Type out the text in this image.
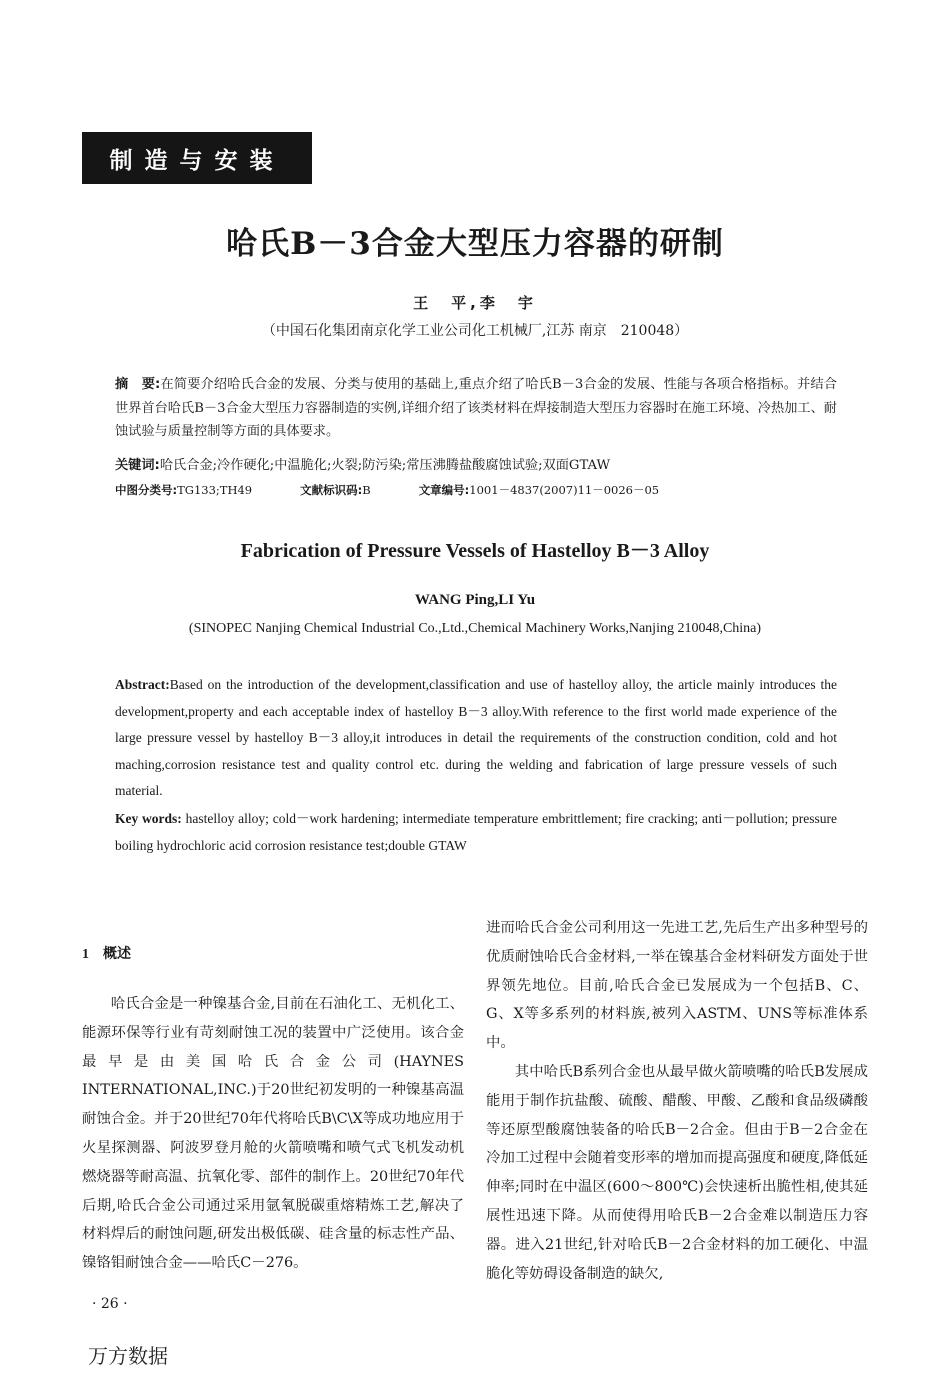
制造与安装
哈氏B－3合金大型压力容器的研制
王　平,李　宇
（中国石化集团南京化学工业公司化工机械厂,江苏 南京　210048）
摘　要:在简要介绍哈氏合金的发展、分类与使用的基础上,重点介绍了哈氏B－3合金的发展、性能与各项合格指标。并结合世界首台哈氏B－3合金大型压力容器制造的实例,详细介绍了该类材料在焊接制造大型压力容器时在施工环境、冷热加工、耐蚀试验与质量控制等方面的具体要求。
关键词:哈氏合金;冷作硬化;中温脆化;火裂;防污染;常压沸腾盐酸腐蚀试验;双面GTAW
中图分类号:TG133;TH49	文献标识码:B	文章编号:1001－4837(2007)11－0026－05
Fabrication of Pressure Vessels of Hastelloy B－3 Alloy
WANG Ping,LI Yu
(SINOPEC Nanjing Chemical Industrial Co.,Ltd.,Chemical Machinery Works,Nanjing 210048,China)
Abstract:Based on the introduction of the development,classification and use of hastelloy alloy, the article mainly introduces the development,property and each acceptable index of hastelloy B－3 alloy.With reference to the first world made experience of the large pressure vessel by hastelloy B－3 alloy,it introduces in detail the requirements of the construction condition, cold and hot maching,corrosion resistance test and quality control etc. during the welding and fabrication of large pressure vessels of such material.
Key words: hastelloy alloy; cold－work hardening; intermediate temperature embrittlement; fire cracking; anti－pollution; pressure boiling hydrochloric acid corrosion resistance test;double GTAW
1 概述

哈氏合金是一种镍基合金,目前在石油化工、无机化工、能源环保等行业有苛刻耐蚀工况的装置中广泛使用。该合金最早是由美国哈氏合金公司(HAYNES INTERNATIONAL,INC.)于20世纪初发明的一种镍基高温耐蚀合金。并于20世纪70年代将哈氏B\C\X等成功地应用于火星探测器、阿波罗登月舱的火箭喷嘴和喷气式飞机发动机燃烧器等耐高温、抗氧化零、部件的制作上。20世纪70年代后期,哈氏合金公司通过采用氩氧脱碳重熔精炼工艺,解决了材料焊后的耐蚀问题,研发出极低碳、硅含量的标志性产品、镍铬钼耐蚀合金——哈氏C－276。

进而哈氏合金公司利用这一先进工艺,先后生产出多种型号的优质耐蚀哈氏合金材料,一举在镍基合金材料研发方面处于世界领先地位。目前,哈氏合金已发展成为一个包括B、C、G、X等多系列的材料族,被列入ASTM、UNS等标准体系中。

其中哈氏B系列合金也从最早做火箭喷嘴的哈氏B发展成能用于制作抗盐酸、硫酸、醋酸、甲酸、乙酸和食品级磷酸等还原型酸腐蚀装备的哈氏B－2合金。但由于B－2合金在冷加工过程中会随着变形率的增加而提高强度和硬度,降低延伸率;同时在中温区(600～800℃)会快速析出脆性相,使其延展性迅速下降。从而使得用哈氏B－2合金难以制造压力容器。进入21世纪,针对哈氏B－2合金材料的加工硬化、中温脆化等妨碍设备制造的缺欠,

· 26 ·
万方数据
